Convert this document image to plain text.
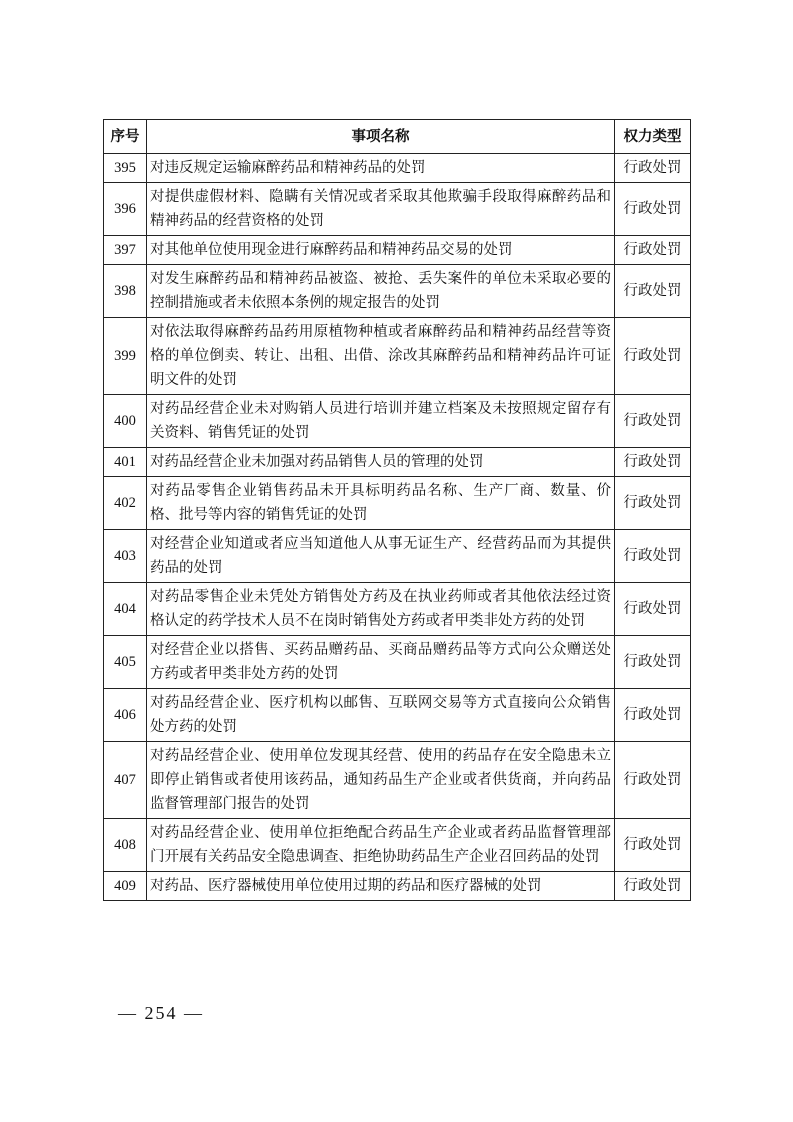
序号	事项名称	权力类型
395	对违反规定运输麻醉药品和精神药品的处罚	行政处罚
396	对提供虚假材料、隐瞒有关情况或者采取其他欺骗手段取得麻醉药品和精神药品的经营资格的处罚	行政处罚
397	对其他单位使用现金进行麻醉药品和精神药品交易的处罚	行政处罚
398	对发生麻醉药品和精神药品被盗、被抢、丢失案件的单位未采取必要的控制措施或者未依照本条例的规定报告的处罚	行政处罚
399	对依法取得麻醉药品药用原植物种植或者麻醉药品和精神药品经营等资格的单位倒卖、转让、出租、出借、涂改其麻醉药品和精神药品许可证明文件的处罚	行政处罚
400	对药品经营企业未对购销人员进行培训并建立档案及未按照规定留存有关资料、销售凭证的处罚	行政处罚
401	对药品经营企业未加强对药品销售人员的管理的处罚	行政处罚
402	对药品零售企业销售药品未开具标明药品名称、生产厂商、数量、价格、批号等内容的销售凭证的处罚	行政处罚
403	对经营企业知道或者应当知道他人从事无证生产、经营药品而为其提供药品的处罚	行政处罚
404	对药品零售企业未凭处方销售处方药及在执业药师或者其他依法经过资格认定的药学技术人员不在岗时销售处方药或者甲类非处方药的处罚	行政处罚
405	对经营企业以搭售、买药品赠药品、买商品赠药品等方式向公众赠送处方药或者甲类非处方药的处罚	行政处罚
406	对药品经营企业、医疗机构以邮售、互联网交易等方式直接向公众销售处方药的处罚	行政处罚
407	对药品经营企业、使用单位发现其经营、使用的药品存在安全隐患未立即停止销售或者使用该药品，通知药品生产企业或者供货商，并向药品监督管理部门报告的处罚	行政处罚
408	对药品经营企业、使用单位拒绝配合药品生产企业或者药品监督管理部门开展有关药品安全隐患调查、拒绝协助药品生产企业召回药品的处罚	行政处罚
409	对药品、医疗器械使用单位使用过期的药品和医疗器械的处罚	行政处罚
— 254 —
